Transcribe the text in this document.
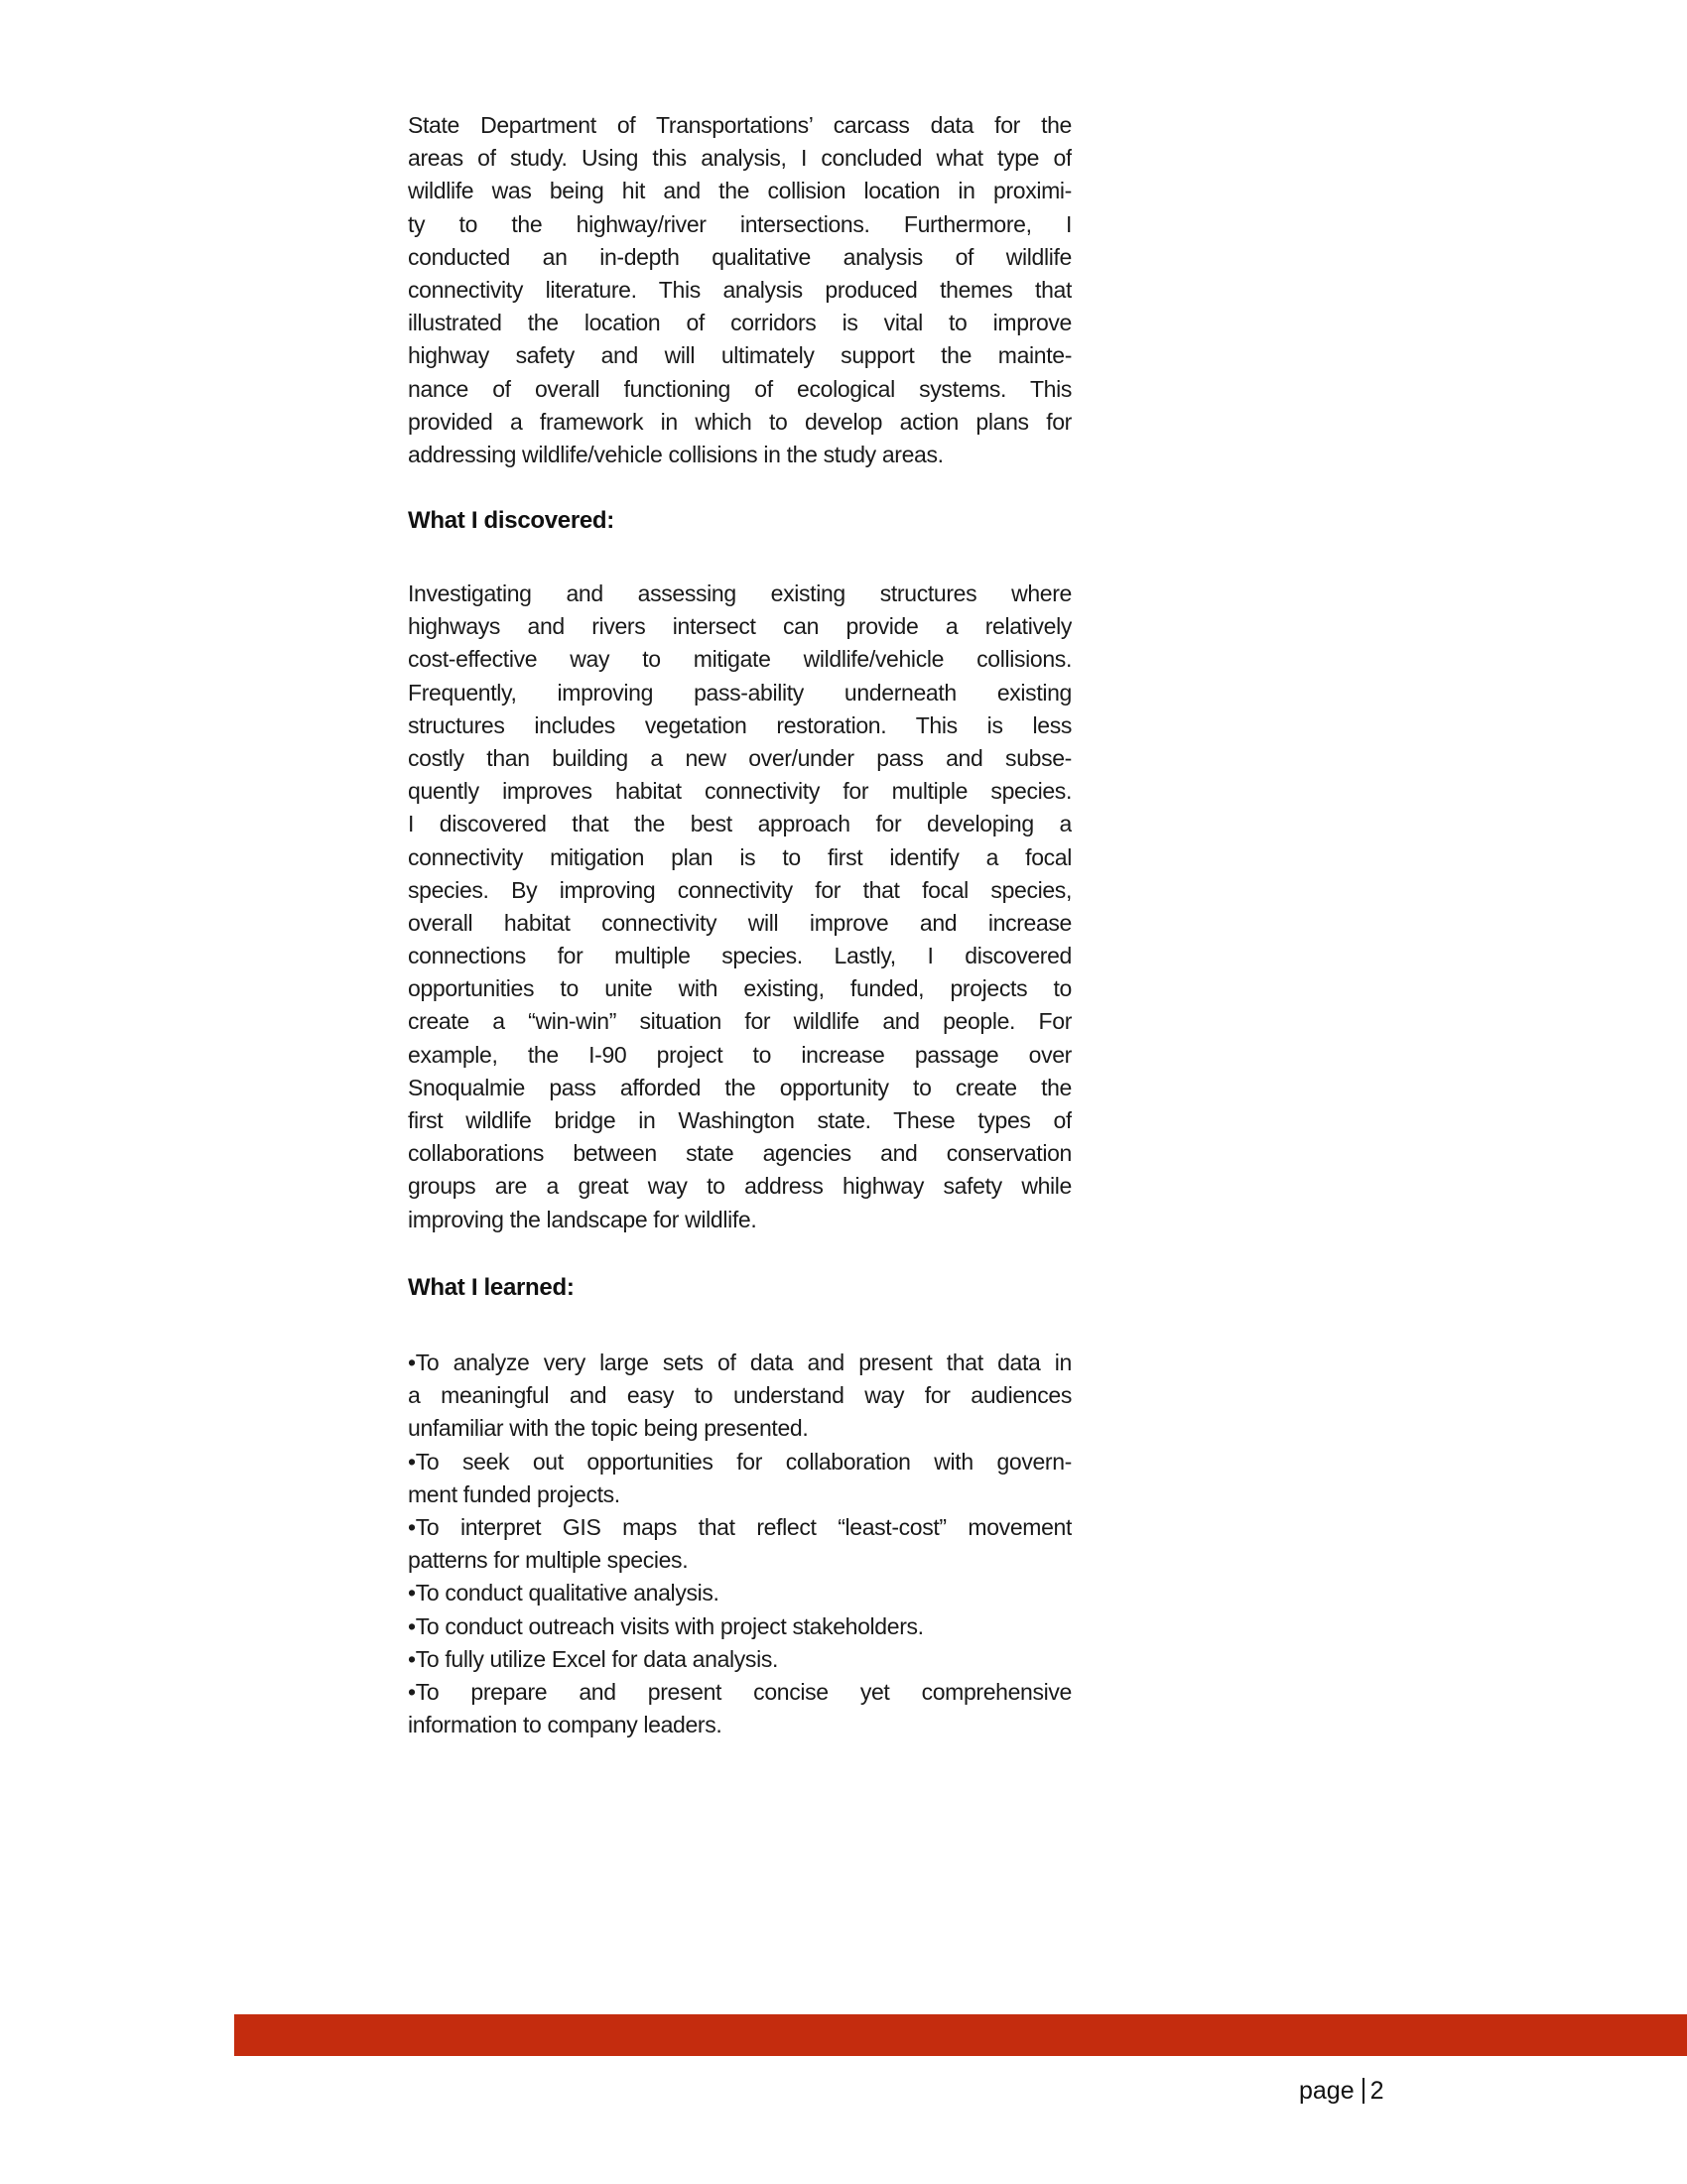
State Department of Transportations’ carcass data for the
areas of study. Using this analysis, I concluded what type of
wildlife was being hit and the collision location in proximi-
ty to the highway/river intersections. Furthermore, I
conducted an in-depth qualitative analysis of wildlife
connectivity literature. This analysis produced themes that
illustrated the location of corridors is vital to improve
highway safety and will ultimately support the mainte-
nance of overall functioning of ecological systems. This
provided a framework in which to develop action plans for
addressing wildlife/vehicle collisions in the study areas.
What I discovered:
Investigating and assessing existing structures where
highways and rivers intersect can provide a relatively
cost-effective way to mitigate wildlife/vehicle collisions.
Frequently, improving pass-ability underneath existing
structures includes vegetation restoration. This is less
costly than building a new over/under pass and subse-
quently improves habitat connectivity for multiple species.
I discovered that the best approach for developing a
connectivity mitigation plan is to first identify a focal
species. By improving connectivity for that focal species,
overall habitat connectivity will improve and increase
connections for multiple species. Lastly, I discovered
opportunities to unite with existing, funded, projects to
create a “win-win” situation for wildlife and people. For
example, the I-90 project to increase passage over
Snoqualmie pass afforded the opportunity to create the
first wildlife bridge in Washington state. These types of
collaborations between state agencies and conservation
groups are a great way to address highway safety while
improving the landscape for wildlife.
What I learned:
•To analyze very large sets of data and present that data in
a meaningful and easy to understand way for audiences
unfamiliar with the topic being presented.
•To seek out opportunities for collaboration with govern-
ment funded projects.
•To interpret GIS maps that reflect “least-cost” movement
patterns for multiple species.
•To conduct qualitative analysis.
•To conduct outreach visits with project stakeholders.
•To fully utilize Excel for data analysis.
•To prepare and present concise yet comprehensive
information to company leaders.
page 2
